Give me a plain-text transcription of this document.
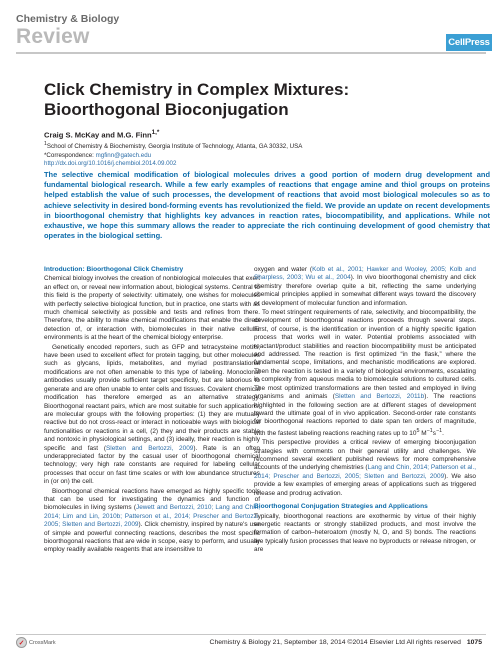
Chemistry & Biology
Review	CellPress
Click Chemistry in Complex Mixtures:
Bioorthogonal Bioconjugation
Craig S. McKay and M.G. Finn$^{1,*}$
$^1$School of Chemistry & Biochemistry, Georgia Institute of Technology, Atlanta, GA 30332, USA
*Correspondence: mgfinn@gatech.edu
http://dx.doi.org/10.1016/j.chembiol.2014.09.002
The selective chemical modification of biological molecules drives a good portion of modern drug development and fundamental biological research. While a few early examples of reactions that engage amine and thiol groups on proteins helped establish the value of such processes, the development of reactions that avoid most biological molecules so as to achieve selectivity in desired bond-forming events has revolutionized the field. We provide an update on recent developments in bioorthogonal chemistry that highlights key advances in reaction rates, biocompatibility, and applications. While not exhaustive, we hope this summary allows the reader to appreciate the rich continuing development of good chemistry that operates in the biological setting.
Introduction: Bioorthogonal Click Chemistry

Chemical biology involves the creation of nonbiological molecules that exert an effect on, or reveal new information about, biological systems. Central to this field is the property of selectivity: ultimately, one wishes for molecules with perfectly selective biological function, but in practice, one starts with as much chemical selectivity as possible and tests and refines from there. Therefore, the ability to make chemical modifications that enable the direct detection of, or interaction with, biomolecules in their native cellular environments is at the heart of the chemical biology enterprise.

Genetically encoded reporters, such as GFP and tetracysteine motifs, have been used to excellent effect for protein tagging, but other molecules such as glycans, lipids, metabolites, and myriad posttranslational modifications are not often amenable to this type of labeling. Monoclonal antibodies usually provide sufficient target specificity, but are laborious to generate and are often unable to enter cells and tissues. Covalent chemical modification has therefore emerged as an alternative strategy. Bioorthogonal reactant pairs, which are most suitable for such applications, are molecular groups with the following properties: (1) they are mutually reactive but do not cross-react or interact in noticeable ways with biological functionalities or reactions in a cell, (2) they and their products are stable and nontoxic in physiological settings, and (3) ideally, their reaction is highly specific and fast (Sletten and Bertozzi, 2009). Rate is an often underappreciated factor by the casual user of bioorthogonal chemical technology; very high rate constants are required for labeling cellular processes that occur on fast time scales or with low abundance structures in (or on) the cell.

Bioorthogonal chemical reactions have emerged as highly specific tools that can be used for investigating the dynamics and function of biomolecules in living systems (Jewett and Bertozzi, 2010; Lang and Chin, 2014; Lim and Lin, 2010b; Patterson et al., 2014; Prescher and Bertozzi, 2005; Sletten and Bertozzi, 2009). Click chemistry, inspired by nature's use of simple and powerful connecting reactions, describes the most specific bioorthogonal reactions that are wide in scope, easy to perform, and usually employ readily available reagents that are insensitive to

oxygen and water (Kolb et al., 2001; Hawker and Wooley, 2005; Kolb and Sharpless, 2003; Wu et al., 2004). In vivo bioorthogonal chemistry and click chemistry therefore overlap quite a bit, reflecting the same underlying chemical principles applied in somewhat different ways toward the discovery or development of molecular function and information.

To meet stringent requirements of rate, selectivity, and biocompatibility, the development of bioorthogonal reactions proceeds through several steps. First, of course, is the identification or invention of a highly specific ligation process that works well in water. Potential problems associated with reactant/product stabilities and reaction biocompatibility must be anticipated and addressed. The reaction is first optimized “in the flask,” where the fundamental scope, limitations, and mechanistic modifications are explored. Then the reaction is tested in a variety of biological environments, escalating in complexity from aqueous media to biomolecule solutions to cultured cells. The most optimized transformations are then tested and employed in living organisms and animals (Sletten and Bertozzi, 2011b). The reactions highlighted in the following section are at different stages of development toward the ultimate goal of in vivo application. Second-order rate constants for bioorthogonal reactions reported to date span ten orders of magnitude, with the fastest labeling reactions reaching rates up to $10^5$ $M^{-1}s^{-1}$.

This perspective provides a critical review of emerging bioconjugation strategies with comments on their general utility and challenges. We recommend several excellent published reviews for more comprehensive accounts of the underlying chemistries (Lang and Chin, 2014; Patterson et al., 2014; Prescher and Bertozzi, 2005; Sletten and Bertozzi, 2009). We also provide a few examples of emerging areas of applications such as triggered release and prodrug activation.

Bioorthogonal Conjugation Strategies and Applications

Typically, bioorthogonal reactions are exothermic by virtue of their highly energetic reactants or strongly stabilized products, and most involve the formation of carbon–heteroatom (mostly N, O, and S) bonds. The reactions are typically fusion processes that leave no byproducts or release nitrogen, or are

✓ CrossMark	Chemistry & Biology 21, September 18, 2014 ©2014 Elsevier Ltd All rights reserved 1075
